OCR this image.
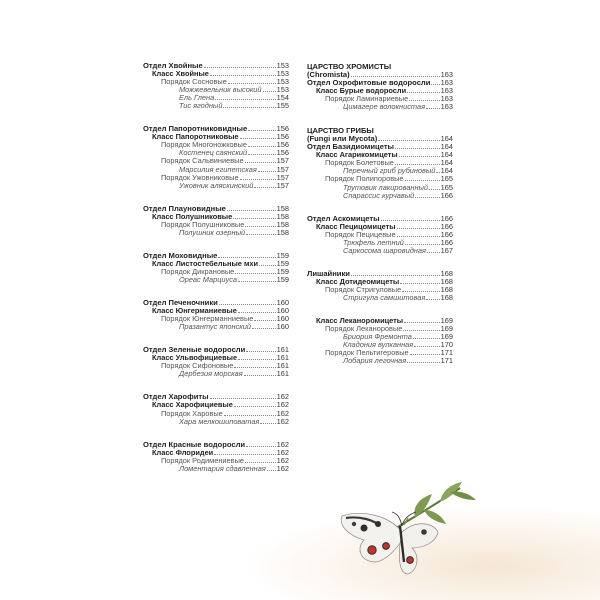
Отдел Хвойные	153
Класс Хвойные	153
Порядок Сосновые	153
Можжевельник высокий 153
Ель Глена	154
Тис ягодный	155
Отдел Папоротниковидные	156
Класс Папоротниковые	156
Порядок Многоножковые	156
Костенец саянский	156
Порядок Сальвиниевые	157
Марсилия египетская	157
Порядок Ужовниковые	157
Ужовник аляскинский	157
Отдел Плауновидные	158
Класс Полушниковые	158
Порядок Полушниковые	158
Полушник озерный	158
Отдел Моховидные	159
Класс Листостебельные мхи	159
Порядок Дикрановые	159
Ореас Марциуса	159
Отдел Печеночники	160
Класс Юнгерманиевые	160
Порядок Юнгерманниевые	160
Празантус японский	160
Отдел Зеленые водоросли	161
Класс Ульвофициевые	161
Порядок Сифоновые	161
Дербезия морская	161
Отдел Харофиты	162
Класс Харофициевые	162
Порядок Харовые	162
Хара мелкошиповатая 162
Отдел Красные водоросли	162
Класс Флоридеи	162
Порядок Родимениевые	162
Ломентария сдавленная 162
ЦАРСТВО ХРОМИСТЫ
(Chromista)	163
Отдел Охрофитовые водоросли 163
Класс Бурые водоросли	163
Порядок Ламинариевые	163
Цимагере волокнистая 163
ЦАРСТВО ГРИБЫ
(Fungi или Mycota)	164
Отдел Базидиомицеты	164
Класс Агарикомицеты	164
Порядок Болетовые	164
Перечный гриб рубиновый 164
Порядок Полипоровые	165
Трутовик лакированный 165
Спарассис курчавый	166
Отдел Аскомицеты	166
Класс Пецицомицеты	166
Порядок Пецицевые	166
Трюфель летний	166
Саркосома шаровидная 167
Лишайники	168
Класс Дотидеомицеты	168
Порядок Стригуловые	168
Стригула самшитовая 168
Класс Леканоромицеты	169
Порядок Леканоровые	169
Бриория Фремонта	169
Кладония вулканная	170
Порядок Пельтигеровые	171
Лобария легочная	171
